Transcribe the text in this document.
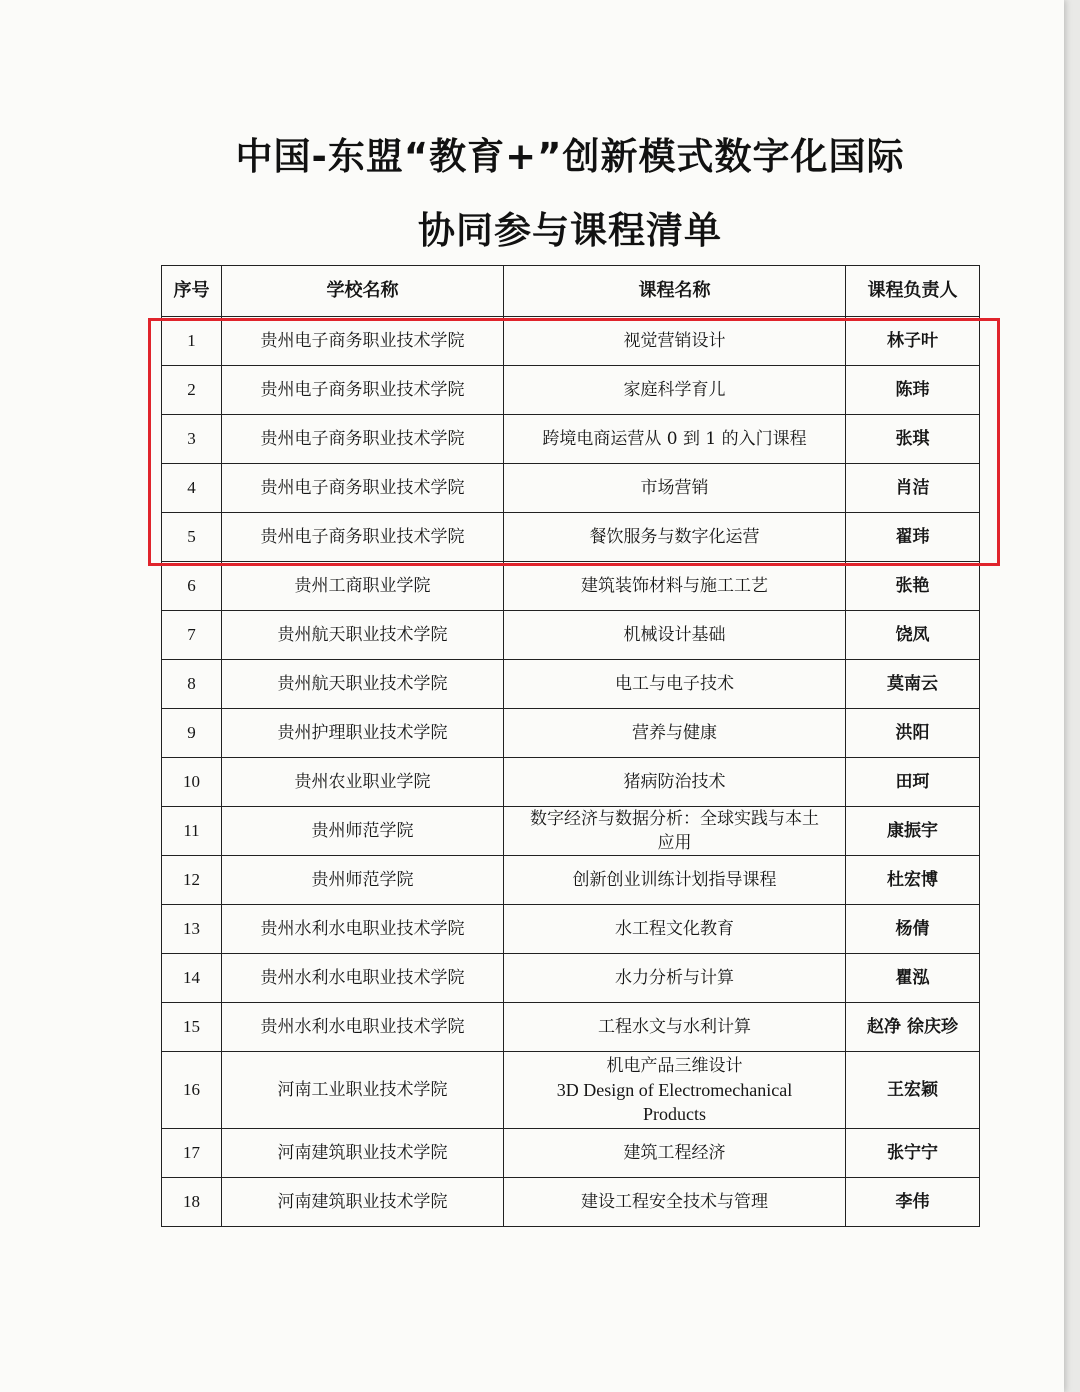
中国-东盟“教育+”创新模式数字化国际
协同参与课程清单
序号	学校名称	课程名称	课程负责人
1	贵州电子商务职业技术学院	视觉营销设计	林子叶
2	贵州电子商务职业技术学院	家庭科学育儿	陈玮
3	贵州电子商务职业技术学院	跨境电商运营从 0 到 1 的入门课程	张琪
4	贵州电子商务职业技术学院	市场营销	肖洁
5	贵州电子商务职业技术学院	餐饮服务与数字化运营	翟玮
6	贵州工商职业学院	建筑装饰材料与施工工艺	张艳
7	贵州航天职业技术学院	机械设计基础	饶凤
8	贵州航天职业技术学院	电工与电子技术	莫南云
9	贵州护理职业技术学院	营养与健康	洪阳
10	贵州农业职业学院	猪病防治技术	田珂
11	贵州师范学院	数字经济与数据分析：全球实践与本土
应用	康振宇
12	贵州师范学院	创新创业训练计划指导课程	杜宏博
13	贵州水利水电职业技术学院	水工程文化教育	杨倩
14	贵州水利水电职业技术学院	水力分析与计算	瞿泓
15	贵州水利水电职业技术学院	工程水文与水利计算	赵净 徐庆珍
16	河南工业职业技术学院	机电产品三维设计
3D Design of Electromechanical
Products	王宏颖
17	河南建筑职业技术学院	建筑工程经济	张宁宁
18	河南建筑职业技术学院	建设工程安全技术与管理	李伟
